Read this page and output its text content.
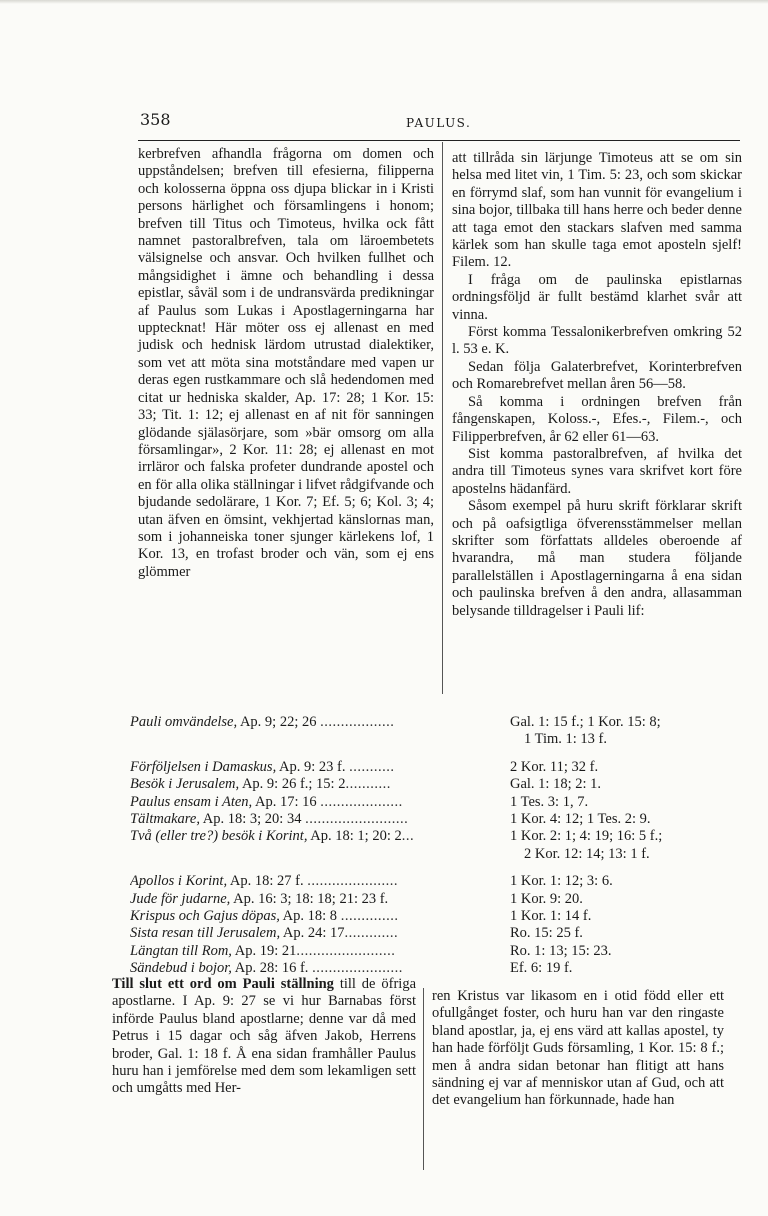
358	PAULUS.

kerbrefven afhandla frågorna om domen och uppståndelsen; brefven till efesierna, filipperna och kolosserna öppna oss djupa blickar in i Kristi persons härlighet och församlingens i honom; brefven till Titus och Timoteus, hvilka ock fått namnet pastoralbrefven, tala om läroembetets välsignelse och ansvar. Och hvilken fullhet och mångsidighet i ämne och behandling i dessa epistlar, såväl som i de undransvärda predikningar af Paulus som Lukas i Apostlagerningarna har upptecknat! Här möter oss ej allenast en med judisk och hednisk lärdom utrustad dialektiker, som vet att möta sina motståndare med vapen ur deras egen rustkammare och slå hedendomen med citat ur hedniska skalder, Ap. 17: 28; 1 Kor. 15: 33; Tit. 1: 12; ej allenast en af nit för sanningen glödande själasörjare, som »bär omsorg om alla församlingar», 2 Kor. 11: 28; ej allenast en mot irrläror och falska profeter dundrande apostel och en för alla olika ställningar i lifvet rådgifvande och bjudande sedolärare, 1 Kor. 7; Ef. 5; 6; Kol. 3; 4; utan äfven en ömsint, vekhjertad känslornas man, som i johanneiska toner sjunger kärlekens lof, 1 Kor. 13, en trofast broder och vän, som ej ens glömmer

att tillråda sin lärjunge Timoteus att se om sin helsa med litet vin, 1 Tim. 5: 23, och som skickar en förrymd slaf, som han vunnit för evangelium i sina bojor, tillbaka till hans herre och beder denne att taga emot den stackars slafven med samma kärlek som han skulle taga emot aposteln sjelf! Filem. 12.

I fråga om de paulinska epistlarnas ordningsföljd är fullt bestämd klarhet svår att vinna.

Först komma Tessalonikerbrefven omkring 52 l. 53 e. K.

Sedan följa Galaterbrefvet, Korinterbrefven och Romarebrefvet mellan åren 56—58.

Så komma i ordningen brefven från fångenskapen, Koloss.-, Efes.-, Filem.-, och Filipperbrefven, år 62 eller 61—63.

Sist komma pastoralbrefven, af hvilka det andra till Timoteus synes vara skrifvet kort före apostelns hädanfärd.

Såsom exempel på huru skrift förklarar skrift och på oafsigtliga öfverensstämmelser mellan skrifter som författats alldeles oberoende af hvarandra, må man studera följande parallelställen i Apostlagerningarna å ena sidan och paulinska brefven å den andra, allasamman belysande tilldragelser i Pauli lif:

Pauli omvändelse, Ap. 9; 22; 26 ..................	Gal. 1: 15 f.; 1 Kor. 15: 8;
1 Tim. 1: 13 f.
Förföljelsen i Damaskus, Ap. 9: 23 f. ...........	2 Kor. 11; 32 f.
Besök i Jerusalem, Ap. 9: 26 f.; 15: 2...........	Gal. 1: 18; 2: 1.
Paulus ensam i Aten, Ap. 17: 16 ....................	1 Tes. 3: 1, 7.
Tältmakare, Ap. 18: 3; 20: 34 .........................	1 Kor. 4: 12; 1 Tes. 2: 9.
Två (eller tre?) besök i Korint, Ap. 18: 1; 20: 2...	1 Kor. 2: 1; 4: 19; 16: 5 f.;
2 Kor. 12: 14; 13: 1 f.
Apollos i Korint, Ap. 18: 27 f. ......................	1 Kor. 1: 12; 3: 6.
Jude för judarne, Ap. 16: 3; 18: 18; 21: 23 f.	1 Kor. 9: 20.
Krispus och Gajus döpas, Ap. 18: 8 ..............	1 Kor. 1: 14 f.
Sista resan till Jerusalem, Ap. 24: 17.............	Ro. 15: 25 f.
Längtan till Rom, Ap. 19: 21........................	Ro. 1: 13; 15: 23.
Sändebud i bojor, Ap. 28: 16 f. ......................	Ef. 6: 19 f.

Till slut ett ord om Pauli ställning till de öfriga apostlarne. I Ap. 9: 27 se vi hur Barnabas först införde Paulus bland apostlarne; denne var då med Petrus i 15 dagar och såg äfven Jakob, Herrens broder, Gal. 1: 18 f. Å ena sidan framhåller Paulus huru han i jemförelse med dem som lekamligen sett och umgåtts med Her-

ren Kristus var likasom en i otid född eller ett ofullgånget foster, och huru han var den ringaste bland apostlar, ja, ej ens värd att kallas apostel, ty han hade förföljt Guds församling, 1 Kor. 15: 8 f.; men å andra sidan betonar han flitigt att hans sändning ej var af menniskor utan af Gud, och att det evangelium han förkunnade, hade han
